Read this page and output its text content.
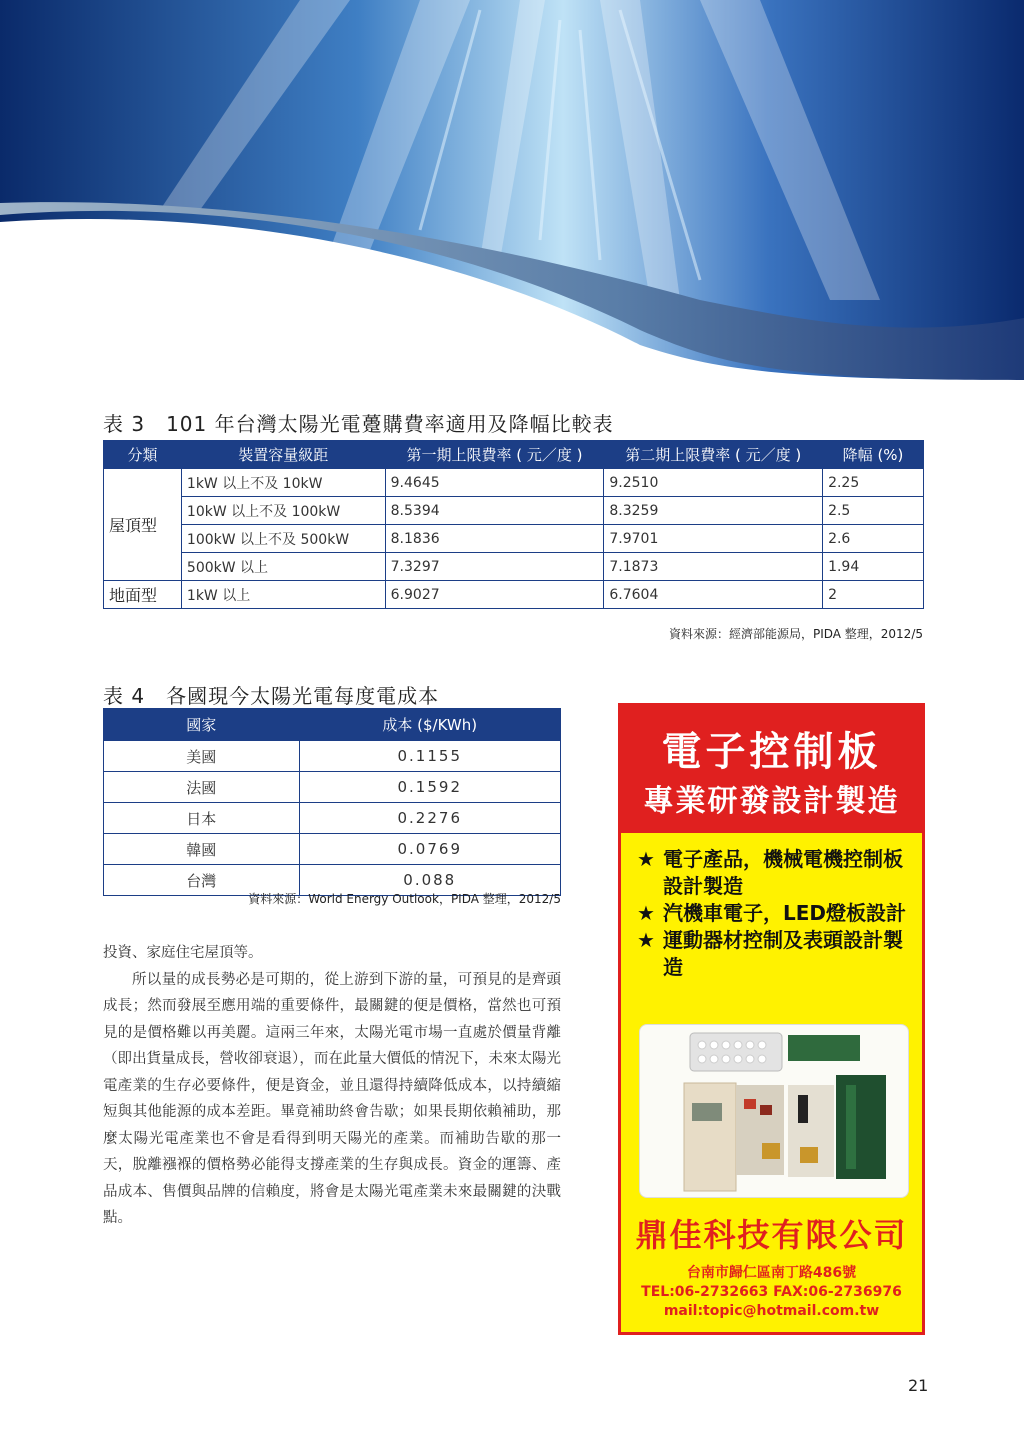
表 3　101 年台灣太陽光電躉購費率適用及降幅比較表
分類	裝置容量級距	第一期上限費率 ( 元／度 )	第二期上限費率 ( 元／度 )	降幅 (%)
屋頂型	1kW 以上不及 10kW	9.4645	9.2510	2.25
	10kW 以上不及 100kW	8.5394	8.3259	2.5
	100kW 以上不及 500kW	8.1836	7.9701	2.6
	500kW 以上	7.3297	7.1873	1.94
地面型	1kW 以上	6.9027	6.7604	2
資料來源：經濟部能源局，PIDA 整理，2012/5
表 4　各國現今太陽光電每度電成本
國家	成本 ($/KWh)
美國	0.1155
法國	0.1592
日本	0.2276
韓國	0.0769
台灣	0.088
資料來源：World Energy Outlook，PIDA 整理，2012/5

投資、家庭住宅屋頂等。

所以量的成長勢必是可期的，從上游到下游的量，可預見的是齊頭成長；然而發展至應用端的重要條件，最關鍵的便是價格，當然也可預見的是價格難以再美麗。這兩三年來，太陽光電市場一直處於價量背離（即出貨量成長，營收卻衰退），而在此量大價低的情況下，未來太陽光電產業的生存必要條件，便是資金，並且還得持續降低成本，以持續縮短與其他能源的成本差距。畢竟補助終會告歇；如果長期依賴補助，那麼太陽光電產業也不會是看得到明天陽光的產業。而補助告歇的那一天，脫離襁褓的價格勢必能得支撐產業的生存與成長。資金的運籌、產品成本、售價與品牌的信賴度，將會是太陽光電產業未來最關鍵的決戰點。

電子控制板
專業研發設計製造
★ 電子產品，機械電機控制板設計製造
★ 汽機車電子，LED燈板設計
★ 運動器材控制及表頭設計製造
鼎佳科技有限公司
台南市歸仁區南丁路486號
TEL:06-2732663 FAX:06-2736976
mail:topic@hotmail.com.tw
21
